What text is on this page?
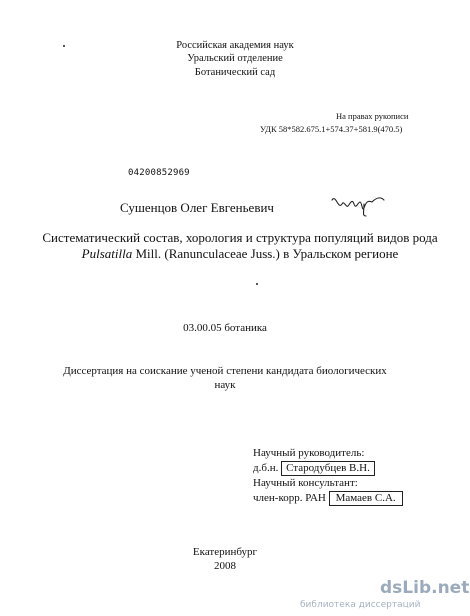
Российская академия наук
Уральский отделение
Ботанический сад
На правах рукописи
УДК 58*582.675.1+574.37+581.9(470.5)
04200852969
Сушенцов Олег Евгеньевич
Систематический состав, хорология и структура популяций видов рода Pulsatilla Mill. (Ranunculaceae Juss.) в Уральском регионе
03.00.05 ботаника
Диссертация на соискание ученой степени кандидата биологических наук
Научный руководитель:
д.б.н. Стародубцев В.Н.
Научный консультант:
член-корр. РАН Мамаев С.А.
Екатеринбург
2008
dsLib.net
библиотека диссертаций
